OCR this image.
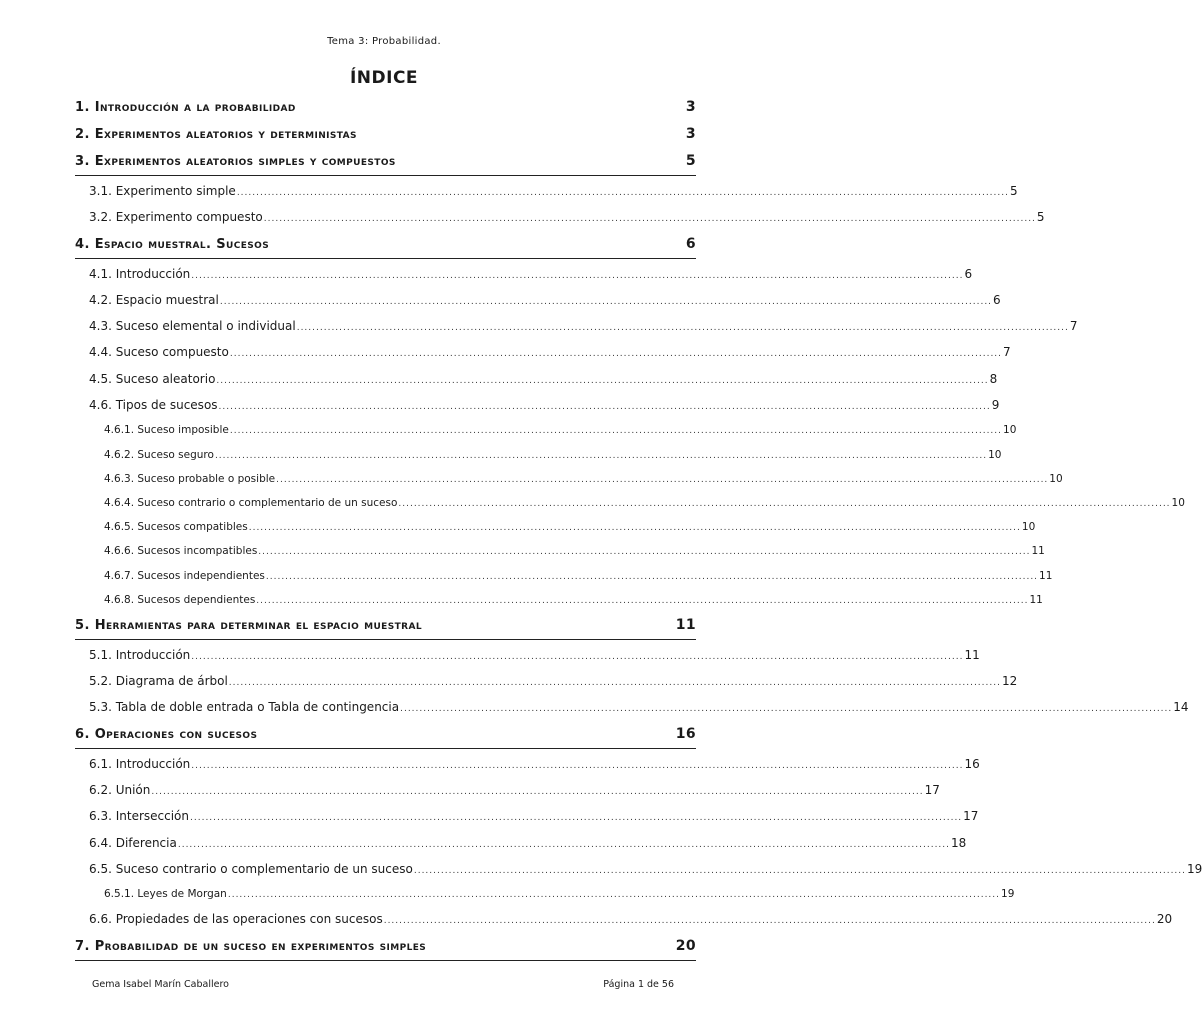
Tema 3: Probabilidad.
ÍNDICE
1. Introducción a la probabilidad	3
2. Experimentos aleatorios y deterministas	3
3. Experimentos aleatorios simples y compuestos	5
3.1. Experimento simple ........................................................................................................................................................................................................ 5
3.2. Experimento compuesto ........................................................................................................................................................................................................ 5
4. Espacio muestral. Sucesos	6
4.1. Introducción ........................................................................................................................................................................................................ 6
4.2. Espacio muestral ........................................................................................................................................................................................................ 6
4.3. Suceso elemental o individual ........................................................................................................................................................................................................ 7
4.4. Suceso compuesto ........................................................................................................................................................................................................ 7
4.5. Suceso aleatorio ........................................................................................................................................................................................................ 8
4.6. Tipos de sucesos ........................................................................................................................................................................................................ 9
4.6.1. Suceso imposible ........................................................................................................................................................................................................ 10
4.6.2. Suceso seguro ........................................................................................................................................................................................................ 10
4.6.3. Suceso probable o posible ........................................................................................................................................................................................................ 10
4.6.4. Suceso contrario o complementario de un suceso ........................................................................................................................................................................................................ 10
4.6.5. Sucesos compatibles ........................................................................................................................................................................................................ 10
4.6.6. Sucesos incompatibles ........................................................................................................................................................................................................ 11
4.6.7. Sucesos independientes ........................................................................................................................................................................................................ 11
4.6.8. Sucesos dependientes ........................................................................................................................................................................................................ 11
5. Herramientas para determinar el espacio muestral	11
5.1. Introducción ........................................................................................................................................................................................................ 11
5.2. Diagrama de árbol ........................................................................................................................................................................................................ 12
5.3. Tabla de doble entrada o Tabla de contingencia ........................................................................................................................................................................................................ 14
6. Operaciones con sucesos	16
6.1. Introducción ........................................................................................................................................................................................................ 16
6.2. Unión ........................................................................................................................................................................................................ 17
6.3. Intersección ........................................................................................................................................................................................................ 17
6.4. Diferencia ........................................................................................................................................................................................................ 18
6.5. Suceso contrario o complementario de un suceso ........................................................................................................................................................................................................ 19
6.5.1. Leyes de Morgan ........................................................................................................................................................................................................ 19
6.6. Propiedades de las operaciones con sucesos ........................................................................................................................................................................................................ 20
7. Probabilidad de un suceso en experimentos simples	20
Gema Isabel Marín Caballero	Página 1 de 56
